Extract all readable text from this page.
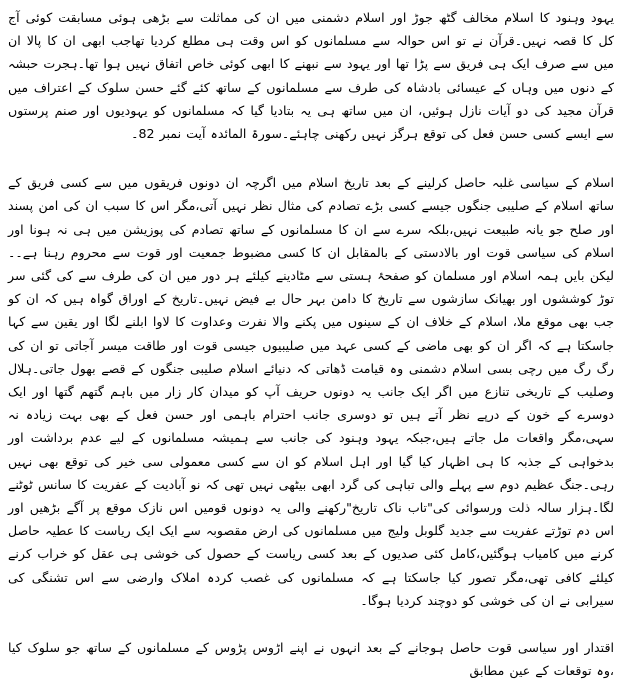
یہود وہنود کا اسلام مخالف گٹھ جوڑ اور اسلام دشمنی میں ان کی مماثلت سے بڑھی ہوئی مسابقت کوئی آج کل کا قصہ نہیں۔قرآن نے تو اس حوالہ سے مسلمانوں کو اس وقت ہی مطلع کردیا تھاجب ابھی ان کا پالا ان میں سے صرف ایک ہی فریق سے پڑا تھا اور یہود سے نبھنے کا ابھی کوئی خاص اتفاق نہیں ہوا تھا۔ہجرت حبشہ کے دنوں میں وہاں کے عیسائی بادشاہ کی طرف سے مسلمانوں کے ساتھ کئے گئے حسن سلوک کے اعتراف میں قرآن مجید کی دو آیات نازل ہوئیں، ان میں ساتھ ہی یہ بتادیا گیا کہ مسلمانوں کو یہودیوں اور صنم پرستوں سے ایسے کسی حسن فعل کی توقع ہرگز نہیں رکھنی چاہئے۔سورۃ المائدہ آیت نمبر 82۔

اسلام کے سیاسی غلبہ حاصل کرلینے کے بعد تاریخ اسلام میں اگرچہ ان دونوں فریقوں میں سے کسی فریق کے ساتھ اسلام کے صلیبی جنگوں جیسے کسی بڑے تصادم کی مثال نظر نہیں آتی،مگر اس کا سبب ان کی امن پسند اور صلح جو یانہ طبیعت نہیں،بلکہ سرے سے ان کا مسلمانوں کے ساتھ تصادم کی پوزیشن میں ہی نہ ہونا اور اسلام کی سیاسی قوت اور بالادستی کے بالمقابل ان کا کسی مضبوط جمعیت اور قوت سے محروم رہنا ہے۔۔لیکن بایں ہمہ اسلام اور مسلمان کو صفحۂ ہستی سے مٹادینے کیلئے ہر دور میں ان کی طرف سے کی گئی سر توڑ کوششوں اور بھیانک سازشوں سے تاریخ کا دامن بہر حال بے فیض نہیں۔تاریخ کے اوراق گواہ ہیں کہ ان کو جب بھی موقع ملا، اسلام کے خلاف ان کے سینوں میں پکنے والا نفرت وعداوت کا لاوا ابلنے لگا اور یقین سے کہا جاسکتا ہے کہ اگر ان کو بھی ماضی کے کسی عہد میں صلیبیوں جیسی قوت اور طاقت میسر آجاتی تو ان کی رگ رگ میں رچی بسی اسلام دشمنی وہ قیامت ڈھاتی کہ دنیائے اسلام صلیبی جنگوں کے قصے بھول جاتی۔ہلال وصلیب کے تاریخی تنازع میں اگر ایک جانب یہ دونوں حریف آپ کو میدان کار زار میں باہم گتھم گتھا اور ایک دوسرے کے خون کے درپے نظر آتے ہیں تو دوسری جانب احترام باہمی اور حسن فعل کے بھی بہت زیادہ نہ سہی،مگر واقعات مل جاتے ہیں،جبکہ یہود وہنود کی جانب سے ہمیشہ مسلمانوں کے لیے عدم برداشت اور بدخواہی کے جذبہ کا ہی اظہار کیا گیا اور اہل اسلام کو ان سے کسی معمولی سی خیر کی توقع بھی نہیں رہی۔جنگ عظیم دوم سے پہلے والی تباہی کی گرد ابھی بیٹھی نہیں تھی کہ نو آبادیت کے عفریت کا سانس ٹوٹنے لگا۔ہزار سالہ ذلت ورسوائی کی"تاب ناک تاریخ"رکھنے والی یہ دونوں قومیں اس نازک موقع پر آگے بڑھیں اور اس دم توڑتے عفریت سے جدید گلوبل ولیج میں مسلمانوں کی ارض مقصوبہ سے ایک ایک ریاست کا عطیہ حاصل کرنے میں کامیاب ہوگئیں،کامل کئی صدیوں کے بعد کسی ریاست کے حصول کی خوشی ہی عقل کو خراب کرنے کیلئے کافی تھی،مگر تصور کیا جاسکتا ہے کہ مسلمانوں کی غصب کردہ املاک وارضی سے اس تشنگی کی سیرابی نے ان کی خوشی کو دوچند کردیا ہوگا۔

اقتدار اور سیاسی قوت حاصل ہوجانے کے بعد انہوں نے اپنے اڑوس پڑوس کے مسلمانوں کے ساتھ جو سلوک کیا ،وہ توقعات کے عین مطابق
